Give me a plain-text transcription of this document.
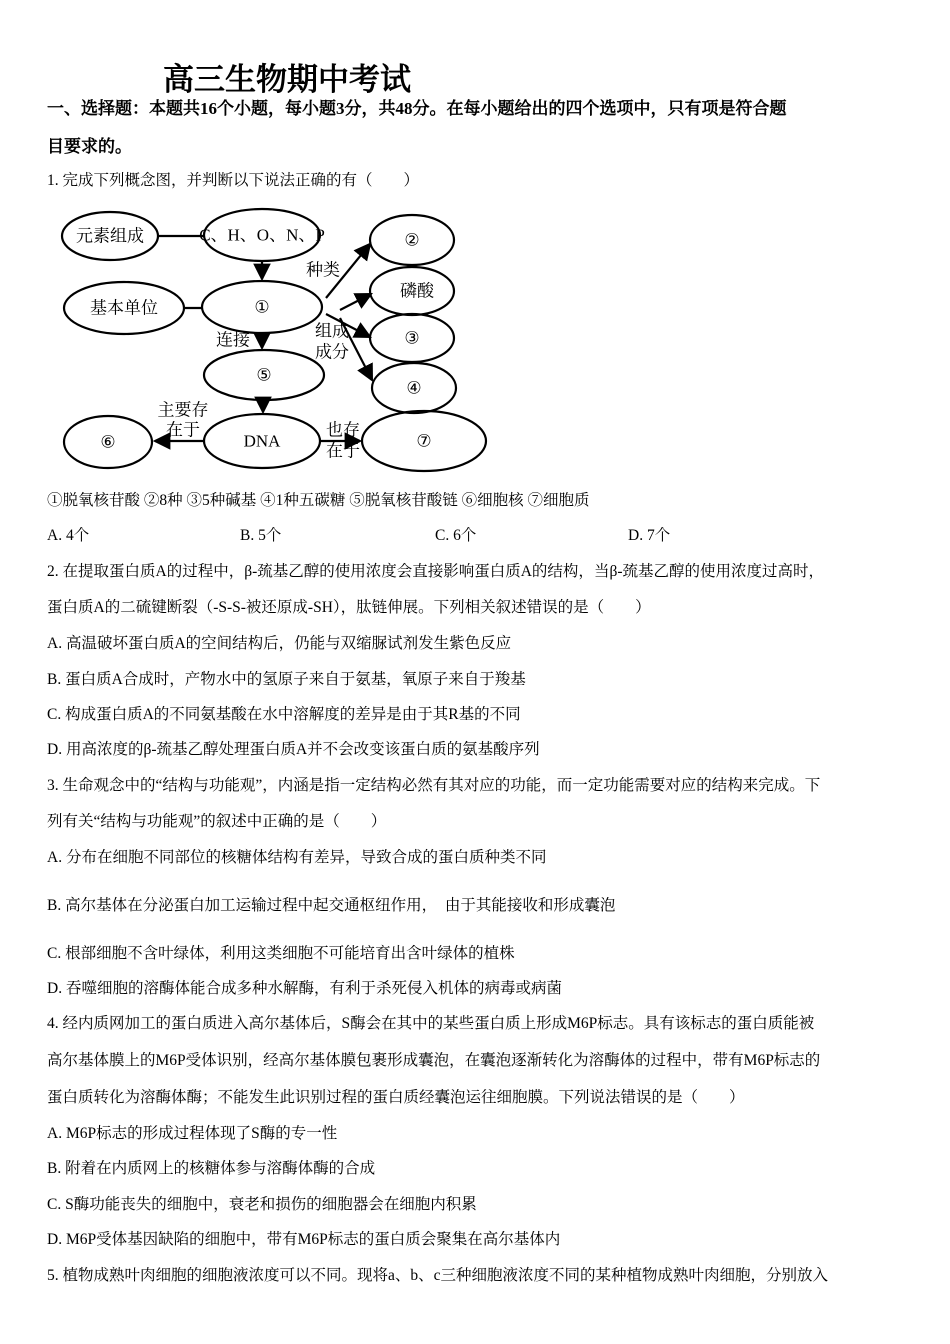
高三生物期中考试
一、选择题：本题共16个小题，每小题3分，共48分。在每小题给出的四个选项中，只有项是符合题
目要求的。
1. 完成下列概念图，并判断以下说法正确的有（　　）
元素组成	C、H、O、N、P	②
磷酸
③
④
基本单位	①
⑤
⑥	DNA	⑦
种类
组成
成分
连接
主要存
在于	也存
在于
①脱氧核苷酸 ②8种 ③5种碱基 ④1种五碳糖 ⑤脱氧核苷酸链 ⑥细胞核 ⑦细胞质
A. 4个	B. 5个	C. 6个	D. 7个
2. 在提取蛋白质A的过程中，β-巯基乙醇的使用浓度会直接影响蛋白质A的结构，当β-巯基乙醇的使用浓度过高时，
蛋白质A的二硫键断裂（-S-S-被还原成-SH），肽链伸展。下列相关叙述错误的是（　　）
A. 高温破坏蛋白质A的空间结构后，仍能与双缩脲试剂发生紫色反应
B. 蛋白质A合成时，产物水中的氢原子来自于氨基，氧原子来自于羧基
C. 构成蛋白质A的不同氨基酸在水中溶解度的差异是由于其R基的不同
D. 用高浓度的β-巯基乙醇处理蛋白质A并不会改变该蛋白质的氨基酸序列
3. 生命观念中的“结构与功能观”，内涵是指一定结构必然有其对应的功能，而一定功能需要对应的结构来完成。下
列有关“结构与功能观”的叙述中正确的是（　　）
A. 分布在细胞不同部位的核糖体结构有差异，导致合成的蛋白质种类不同
B. 高尔基体在分泌蛋白加工运输过程中起交通枢纽作用，　由于其能接收和形成囊泡
C. 根部细胞不含叶绿体，利用这类细胞不可能培育出含叶绿体的植株
D. 吞噬细胞的溶酶体能合成多种水解酶，有利于杀死侵入机体的病毒或病菌
4. 经内质网加工的蛋白质进入高尔基体后，S酶会在其中的某些蛋白质上形成M6P标志。具有该标志的蛋白质能被
高尔基体膜上的M6P受体识别，经高尔基体膜包裹形成囊泡，在囊泡逐渐转化为溶酶体的过程中，带有M6P标志的
蛋白质转化为溶酶体酶；不能发生此识别过程的蛋白质经囊泡运往细胞膜。下列说法错误的是（　　）
A. M6P标志的形成过程体现了S酶的专一性
B. 附着在内质网上的核糖体参与溶酶体酶的合成
C. S酶功能丧失的细胞中，衰老和损伤的细胞器会在细胞内积累
D. M6P受体基因缺陷的细胞中，带有M6P标志的蛋白质会聚集在高尔基体内
5. 植物成熟叶肉细胞的细胞液浓度可以不同。现将a、b、c三种细胞液浓度不同的某种植物成熟叶肉细胞，分别放入
